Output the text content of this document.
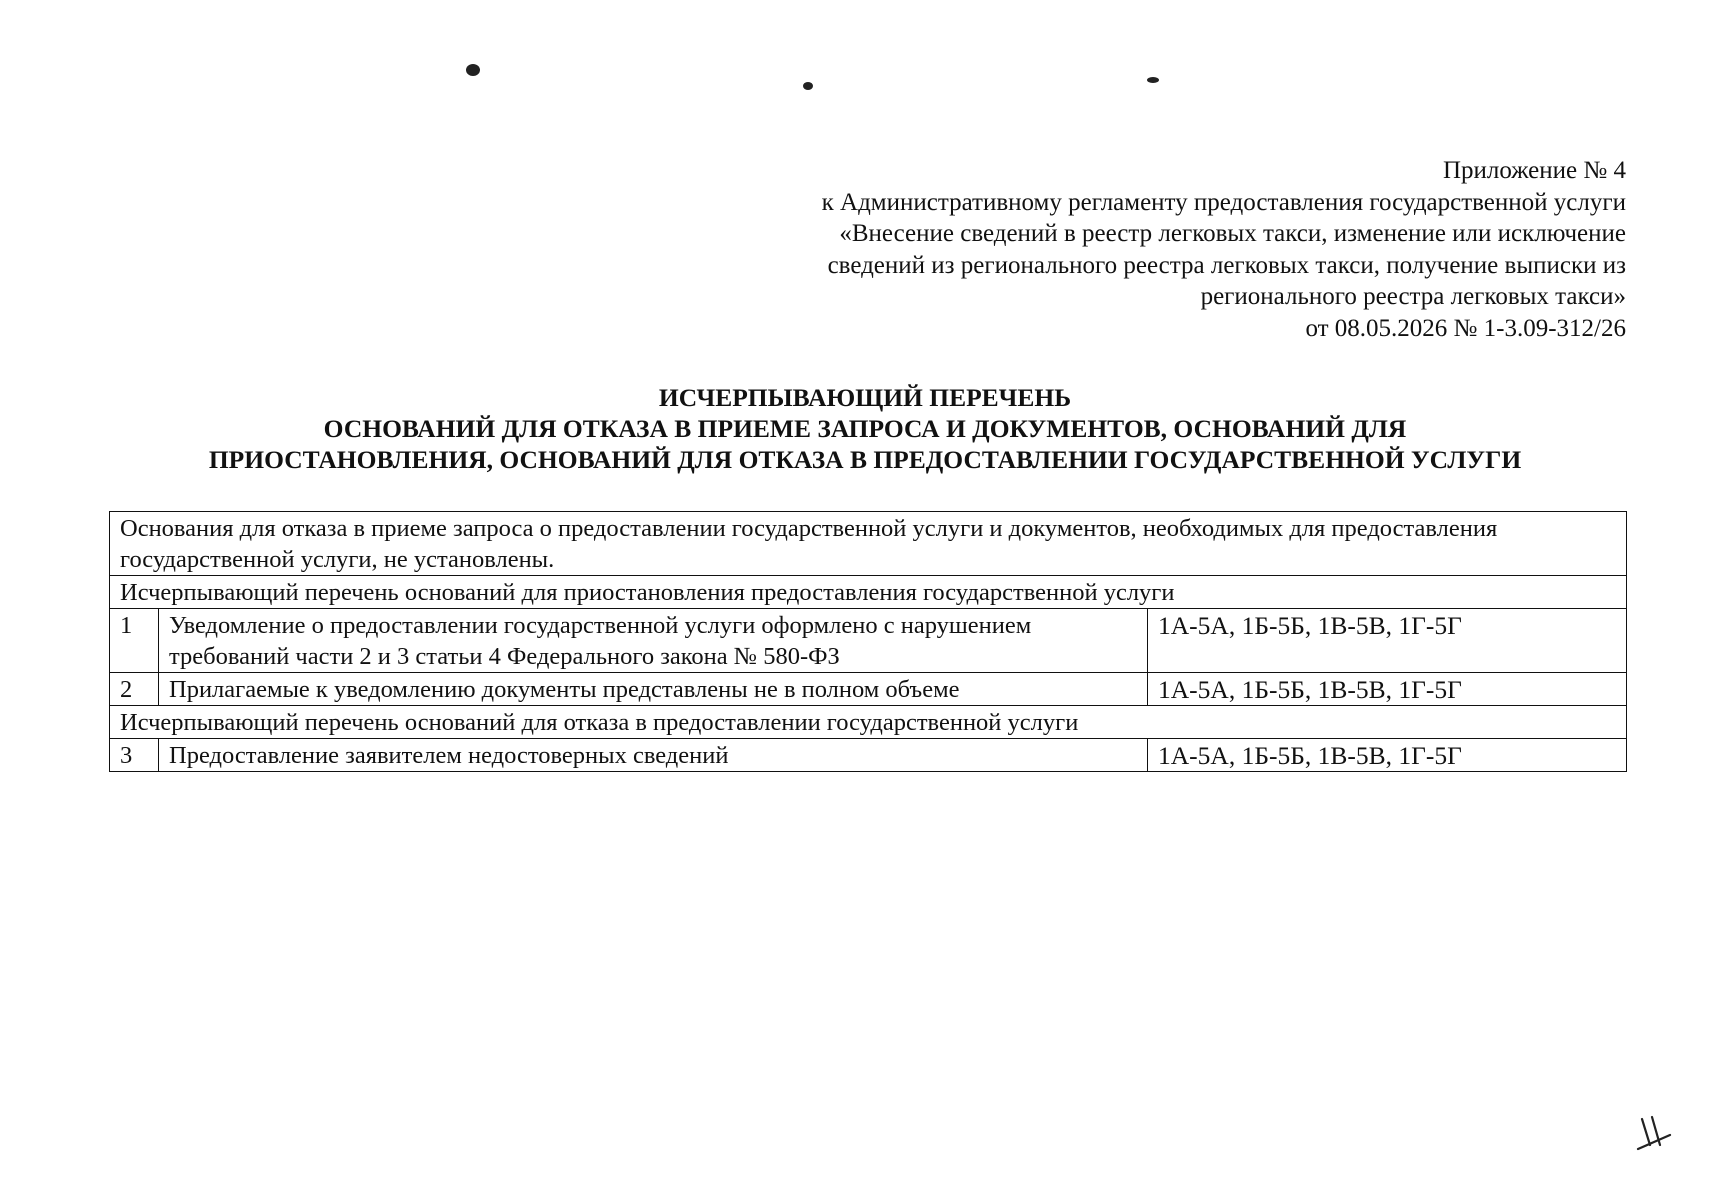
Приложение № 4
к Административному регламенту предоставления государственной услуги
«Внесение сведений в реестр легковых такси, изменение или исключение
сведений из регионального реестра легковых такси, получение выписки из
регионального реестра легковых такси»
от 08.05.2026 № 1-3.09-312/26
ИСЧЕРПЫВАЮЩИЙ ПЕРЕЧЕНЬ
ОСНОВАНИЙ ДЛЯ ОТКАЗА В ПРИЕМЕ ЗАПРОСА И ДОКУМЕНТОВ, ОСНОВАНИЙ ДЛЯ
ПРИОСТАНОВЛЕНИЯ, ОСНОВАНИЙ ДЛЯ ОТКАЗА В ПРЕДОСТАВЛЕНИИ ГОСУДАРСТВЕННОЙ УСЛУГИ
Основания для отказа в приеме запроса о предоставлении государственной услуги и документов, необходимых для предоставления государственной услуги, не установлены.		
Исчерпывающий перечень оснований для приостановления предоставления государственной услуги		
1	Уведомление о предоставлении государственной услуги оформлено с нарушением требований части 2 и 3 статьи 4 Федерального закона № 580-ФЗ	1А-5А, 1Б-5Б, 1В-5В, 1Г-5Г
2	Прилагаемые к уведомлению документы представлены не в полном объеме	1А-5А, 1Б-5Б, 1В-5В, 1Г-5Г
Исчерпывающий перечень оснований для отказа в предоставлении государственной услуги		
3	Предоставление заявителем недостоверных сведений	1А-5А, 1Б-5Б, 1В-5В, 1Г-5Г
